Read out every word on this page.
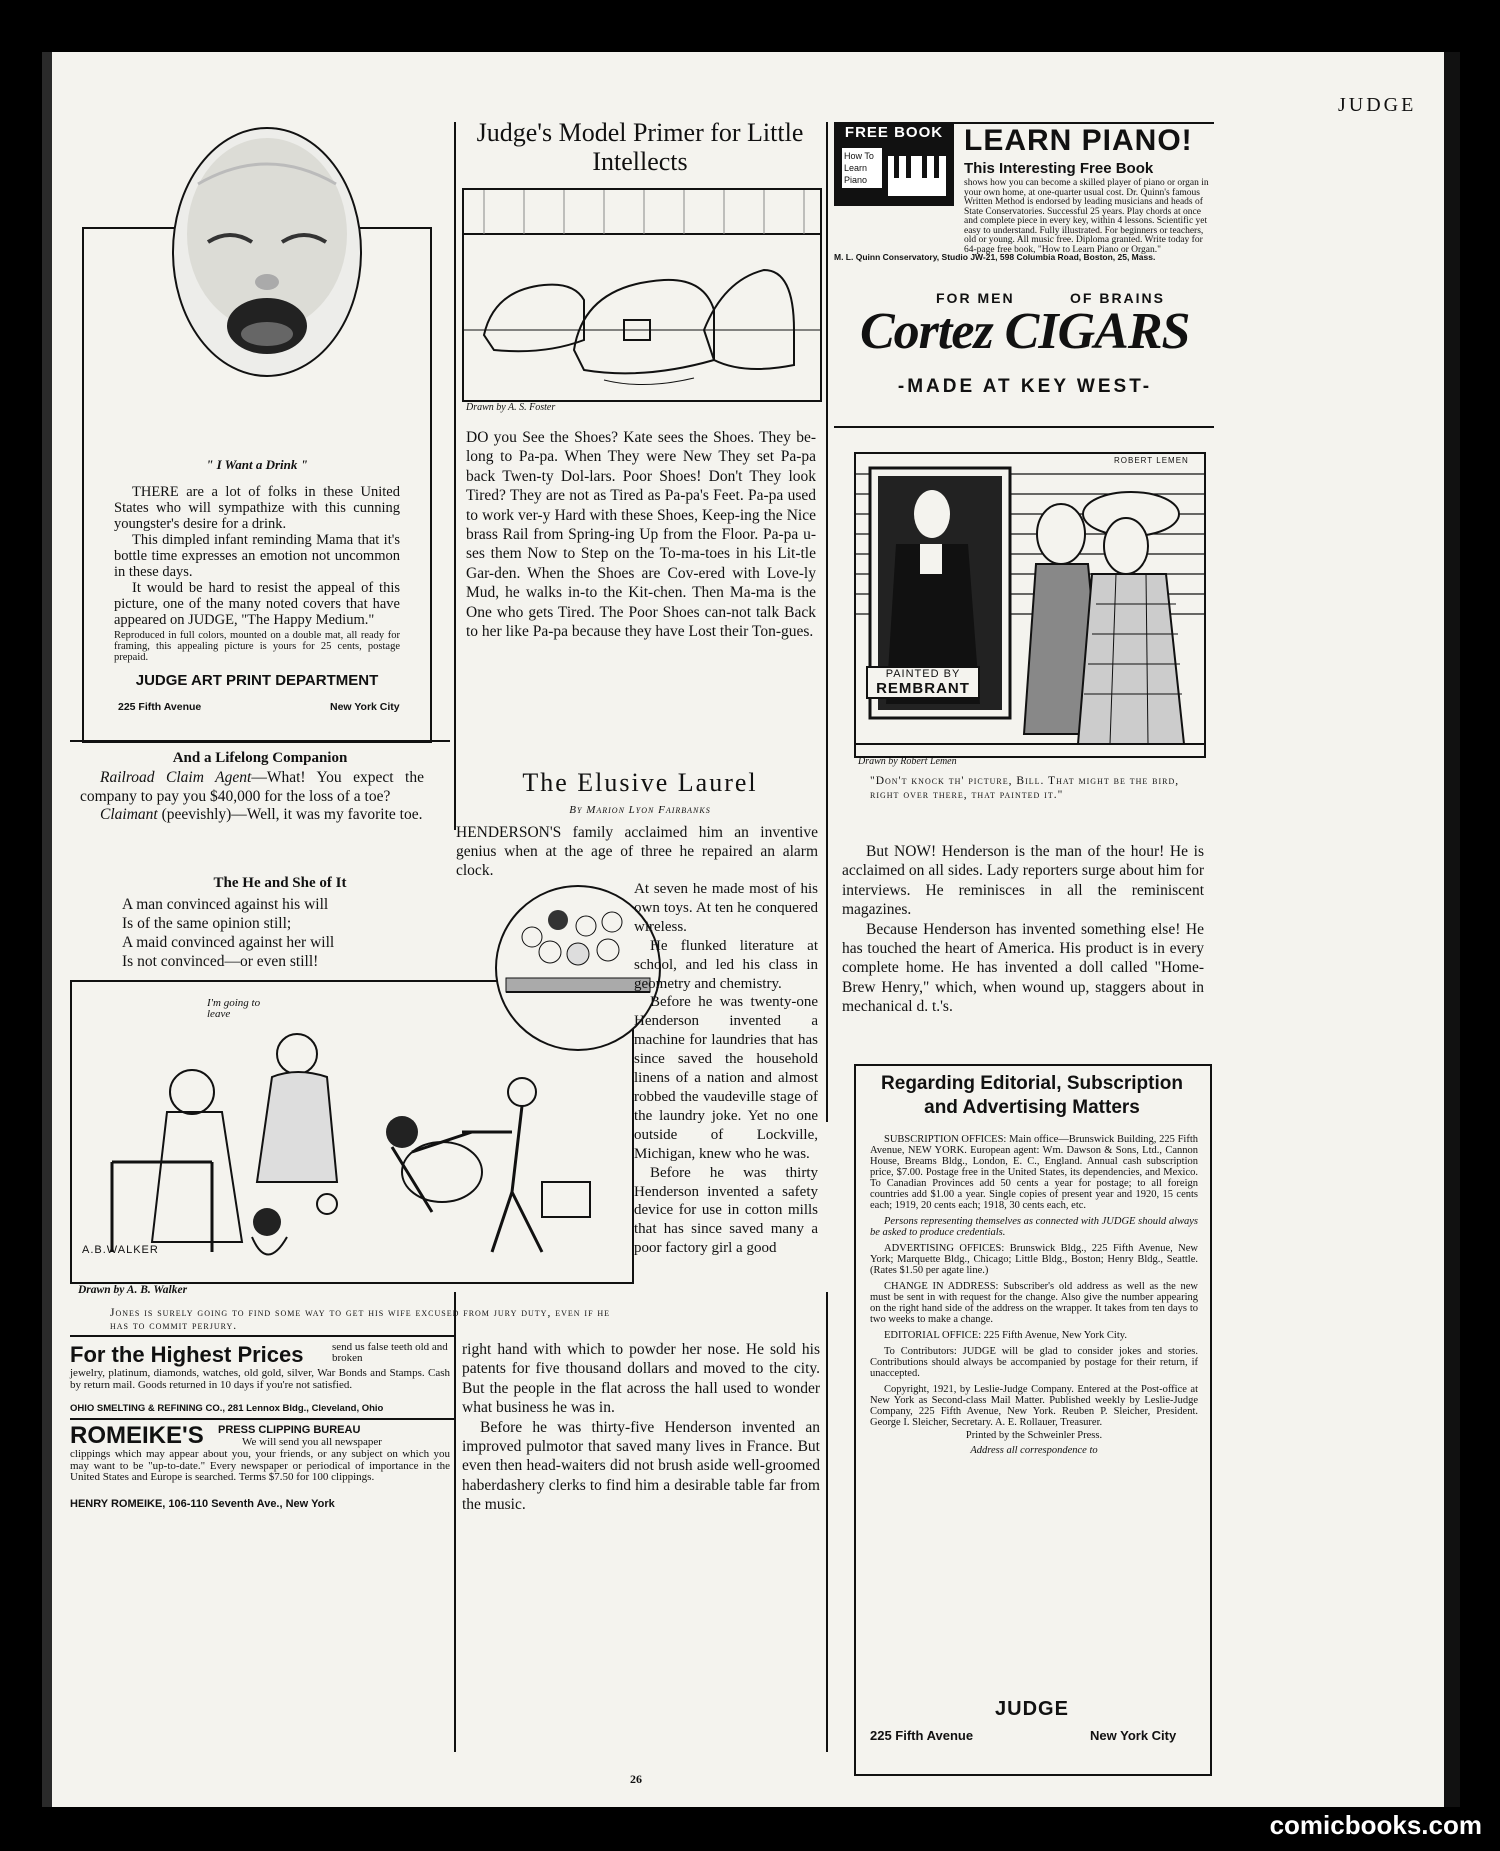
JUDGE
" I Want a Drink "

THERE are a lot of folks in these United States who will sympathize with this cunning youngster's desire for a drink.

This dimpled infant reminding Mama that it's bottle time expresses an emotion not uncommon in these days.

It would be hard to resist the appeal of this picture, one of the many noted covers that have appeared on JUDGE, "The Happy Medium."

Reproduced in full colors, mounted on a double mat, all ready for framing, this appealing picture is yours for 25 cents, postage prepaid.

JUDGE ART PRINT DEPARTMENT
225 Fifth Avenue	New York City
And a Lifelong Companion

Railroad Claim Agent—What! You expect the company to pay you $40,000 for the loss of a toe?

Claimant (peevishly)—Well, it was my favorite toe.

The He and She of It
A man convinced against his will
Is of the same opinion still;
A maid convinced against her will
Is not convinced—or even still!
I'm going to leave
A.B.WALKER
Drawn by A. B. Walker
Jones is surely going to find some way to get his wife excused from jury duty, even if he has to commit perjury.
For the Highest Prices	send us false teeth old and broken
jewelry, platinum, diamonds, watches, old gold, silver, War Bonds and Stamps. Cash by return mail. Goods returned in 10 days if you're not satisfied.
OHIO SMELTING & REFINING CO., 281 Lennox Bldg., Cleveland, Ohio
ROMEIKE'S PRESS CLIPPING BUREAU
We will send you all newspaper
clippings which may appear about you, your friends, or any subject on which you may want to be "up-to-date." Every newspaper or periodical of importance in the United States and Europe is searched. Terms $7.50 for 100 clippings.
HENRY ROMEIKE, 106-110 Seventh Ave., New York
Judge's Model Primer for Little Intellects
Drawn by A. S. Foster
DO you See the Shoes? Kate sees the Shoes. They be-long to Pa-pa. When They were New They set Pa-pa back Twen-ty Dol-lars. Poor Shoes! Don't They look Tired? They are not as Tired as Pa-pa's Feet. Pa-pa used to work ver-y Hard with these Shoes, Keep-ing the Nice brass Rail from Spring-ing Up from the Floor. Pa-pa u-ses them Now to Step on the To-ma-toes in his Lit-tle Gar-den. When the Shoes are Cov-ered with Love-ly Mud, he walks in-to the Kit-chen. Then Ma-ma is the One who gets Tired. The Poor Shoes can-not talk Back to her like Pa-pa because they have Lost their Ton-gues.
The Elusive Laurel
By Marion Lyon Fairbanks
HENDERSON'S family acclaimed him an inventive genius when at the age of three he repaired an alarm clock.

At seven he made most of his own toys. At ten he conquered wireless.

He flunked literature at school, and led his class in geometry and chemistry.

Before he was twenty-one Henderson invented a machine for laundries that has since saved the household linens of a nation and almost robbed the vaudeville stage of the laundry joke. Yet no one outside of Lockville, Michigan, knew who he was.

Before he was thirty Henderson invented a safety device for use in cotton mills that has since saved many a poor factory girl a good

right hand with which to powder her nose. He sold his patents for five thousand dollars and moved to the city. But the people in the flat across the hall used to wonder what business he was in.

Before he was thirty-five Henderson invented an improved pulmotor that saved many lives in France. But even then head-waiters did not brush aside well-groomed haberdashery clerks to find him a desirable table far from the music.

26
FREE BOOK
How To Learn Piano
LEARN PIANO!
This Interesting Free Book
shows how you can become a skilled player of piano or organ in your own home, at one-quarter usual cost. Dr. Quinn's famous Written Method is endorsed by leading musicians and heads of State Conservatories. Successful 25 years. Play chords at once and complete piece in every key, within 4 lessons. Scientific yet easy to understand. Fully illustrated. For beginners or teachers, old or young. All music free. Diploma granted. Write today for 64-page free book, "How to Learn Piano or Organ."
M. L. Quinn Conservatory, Studio JW-21, 598 Columbia Road, Boston, 25, Mass.
FOR MEN	OF BRAINS
Cortez CIGARS
-MADE AT KEY WEST-
ROBERT LEMEN
PAINTED BY
REMBRANT
Drawn by Robert Lemen
"Don't knock th' picture, Bill. That might be the bird, right over there, that painted it."

But NOW! Henderson is the man of the hour! He is acclaimed on all sides. Lady reporters surge about him for interviews. He reminisces in all the reminiscent magazines.

Because Henderson has invented something else! He has touched the heart of America. His product is in every complete home. He has invented a doll called "Home-Brew Henry," which, when wound up, staggers about in mechanical d. t.'s.

Regarding Editorial, Subscription and Advertising Matters

SUBSCRIPTION OFFICES: Main office—Brunswick Building, 225 Fifth Avenue, NEW YORK. European agent: Wm. Dawson & Sons, Ltd., Cannon House, Breams Bldg., London, E. C., England. Annual cash subscription price, $7.00. Postage free in the United States, its dependencies, and Mexico. To Canadian Provinces add 50 cents a year for postage; to all foreign countries add $1.00 a year. Single copies of present year and 1920, 15 cents each; 1919, 20 cents each; 1918, 30 cents each, etc.

Persons representing themselves as connected with JUDGE should always be asked to produce credentials.

ADVERTISING OFFICES: Brunswick Bldg., 225 Fifth Avenue, New York; Marquette Bldg., Chicago; Little Bldg., Boston; Henry Bldg., Seattle. (Rates $1.50 per agate line.)

CHANGE IN ADDRESS: Subscriber's old address as well as the new must be sent in with request for the change. Also give the number appearing on the right hand side of the address on the wrapper. It takes from ten days to two weeks to make a change.

EDITORIAL OFFICE: 225 Fifth Avenue, New York City.

To Contributors: JUDGE will be glad to consider jokes and stories. Contributions should always be accompanied by postage for their return, if unaccepted.

Copyright, 1921, by Leslie-Judge Company. Entered at the Post-office at New York as Second-class Mail Matter. Published weekly by Leslie-Judge Company, 225 Fifth Avenue, New York. Reuben P. Sleicher, President. George I. Sleicher, Secretary. A. E. Rollauer, Treasurer.

Printed by the Schweinler Press.

Address all correspondence to

JUDGE
225 Fifth Avenue	New York City
comicbooks.com
